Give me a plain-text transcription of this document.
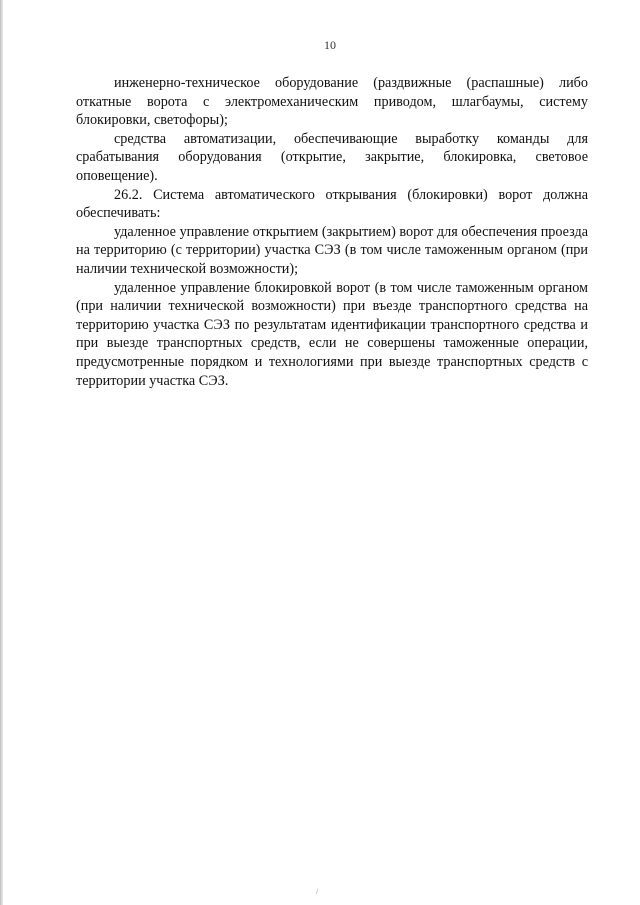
10

инженерно-техническое оборудование (раздвижные (распашные) либо откатные ворота с электромеханическим приводом, шлагбаумы, систему блокировки, светофоры);

средства автоматизации, обеспечивающие выработку команды для срабатывания оборудования (открытие, закрытие, блокировка, световое оповещение).

26.2. Система автоматического открывания (блокировки) ворот должна обеспечивать:

удаленное управление открытием (закрытием) ворот для обеспечения проезда на территорию (с территории) участка СЭЗ (в том числе таможенным органом (при наличии технической возможности);

удаленное управление блокировкой ворот (в том числе таможенным органом (при наличии технической возможности) при въезде транспортного средства на территорию участка СЭЗ по результатам идентификации транспортного средства и при выезде транспортных средств, если не совершены таможенные операции, предусмотренные порядком и технологиями при выезде транспортных средств с территории участка СЭЗ.

/
